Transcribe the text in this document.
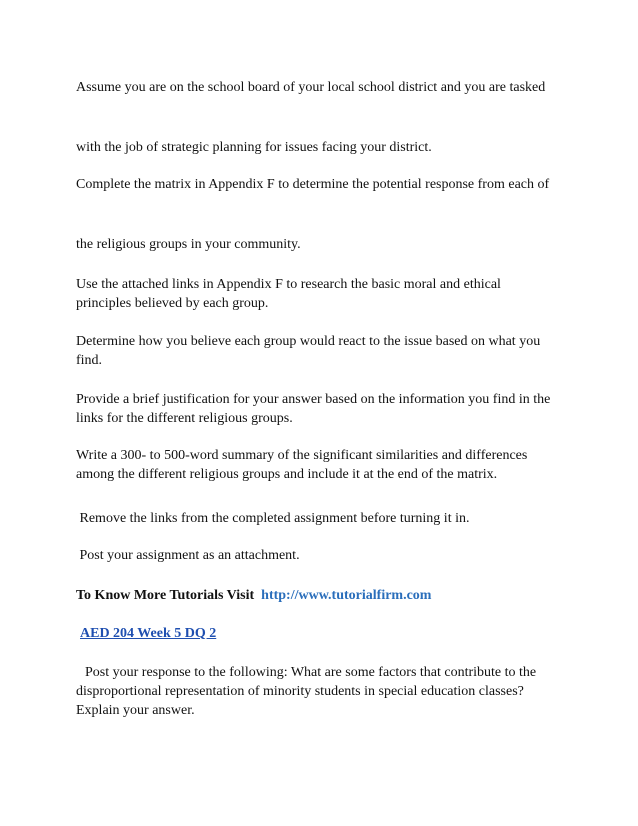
Assume you are on the school board of your local school district and you are tasked

with the job of strategic planning for issues facing your district.

Complete the matrix in Appendix F to determine the potential response from each of

the religious groups in your community.

Use the attached links in Appendix F to research the basic moral and ethical principles believed by each group.

Determine how you believe each group would react to the issue based on what you find.

Provide a brief justification for your answer based on the information you find in the links for the different religious groups.

Write a 300- to 500-word summary of the significant similarities and differences among the different religious groups and include it at the end of the matrix.

Remove the links from the completed assignment before turning it in.

Post your assignment as an attachment.

To Know More Tutorials Visit  http://www.tutorialfirm.com

AED 204 Week 5 DQ 2

Post your response to the following: What are some factors that contribute to the disproportional representation of minority students in special education classes? Explain your answer.
